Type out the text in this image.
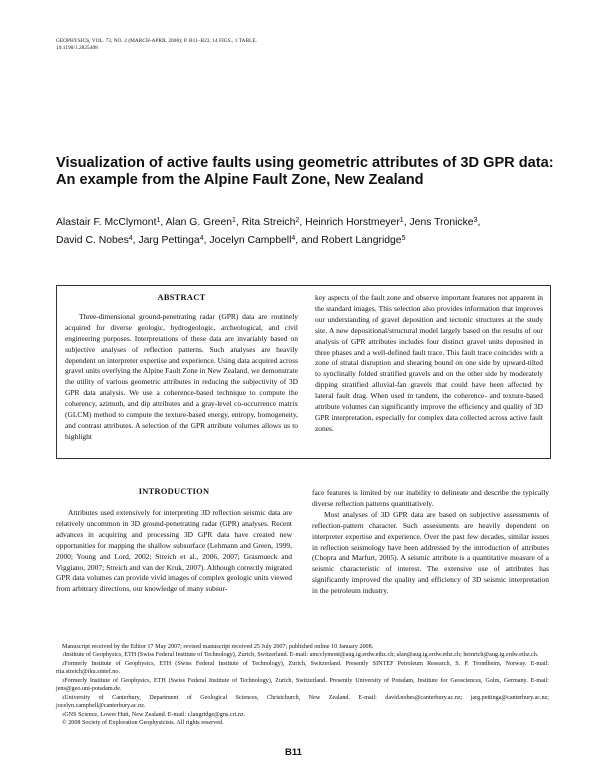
GEOPHYSICS, VOL. 73, NO. 2 (MARCH-APRIL 2008); P. B11–B23, 14 FIGS., 1 TABLE.
10.1190/1.2825408
Visualization of active faults using geometric attributes of 3D GPR data:
An example from the Alpine Fault Zone, New Zealand
Alastair F. McClymont$^1$, Alan G. Green$^1$, Rita Streich$^2$, Heinrich Horstmeyer$^1$, Jens Tronicke$^3$,
David C. Nobes$^4$, Jarg Pettinga$^4$, Jocelyn Campbell$^4$, and Robert Langridge$^5$
ABSTRACT

Three-dimensional ground-penetrating radar (GPR) data are routinely acquired for diverse geologic, hydrogeologic, archeological, and civil engineering purposes. Interpretations of these data are invariably based on subjective analyses of reflection patterns. Such analyses are heavily dependent on interpreter expertise and experience. Using data acquired across gravel units overlying the Alpine Fault Zone in New Zealand, we demonstrate the utility of various geometric attributes in reducing the subjectivity of 3D GPR data analysis. We use a coherence-based technique to compute the coherency, azimuth, and dip attributes and a gray-level co-occurrence matrix (GLCM) method to compute the texture-based energy, entropy, homogeneity, and contrast attributes. A selection of the GPR attribute volumes allows us to highlight

key aspects of the fault zone and observe important features not apparent in the standard images. This selection also provides information that improves our understanding of gravel deposition and tectonic structures at the study site. A new depositional/structural model largely based on the results of our analysis of GPR attributes includes four distinct gravel units deposited in three phases and a well-defined fault trace. This fault trace coincides with a zone of stratal disruption and shearing bound on one side by upward-tilted to synclinally folded stratified gravels and on the other side by moderately dipping stratified alluvial-fan gravels that could have been affected by lateral fault drag. When used in tandem, the coherence- and texture-based attribute volumes can significantly improve the efficiency and quality of 3D GPR interpretation, especially for complex data collected across active fault zones.

INTRODUCTION

Attributes used extensively for interpreting 3D reflection seismic data are relatively uncommon in 3D ground-penetrating radar (GPR) analyses. Recent advances in acquiring and processing 3D GPR data have created new opportunities for mapping the shallow subsurface (Lehmann and Green, 1999, 2000; Young and Lord, 2002; Streich et al., 2006, 2007; Grasmueck and Viggiano, 2007; Streich and van der Kruk, 2007). Although correctly migrated GPR data volumes can provide vivid images of complex geologic units viewed from arbitrary directions, our knowledge of many subsur-

face features is limited by our inability to delineate and describe the typically diverse reflection patterns quantitatively.

Most analyses of 3D GPR data are based on subjective assessments of reflection-pattern character. Such assessments are heavily dependent on interpreter expertise and experience. Over the past few decades, similar issues in reflection seismology have been addressed by the introduction of attributes (Chopra and Marfurt, 2005). A seismic attribute is a quantitative measure of a seismic characteristic of interest. The extensive use of attributes has significantly improved the quality and efficiency of 3D seismic interpretation in the petroleum industry.

Manuscript received by the Editor 17 May 2007; revised manuscript received 25 July 2007; published online 10 January 2008.

$^1$Institute of Geophysics, ETH (Swiss Federal Institute of Technology), Zurich, Switzerland. E-mail: amcclymont@aug.ig.erdw.ethz.ch; alan@aug.ig.erdw.ethz.ch; heinrich@aug.ig.erdw.ethz.ch.

$^2$Formerly Institute of Geophysics, ETH (Swiss Federal Institute of Technology), Zurich, Switzerland. Presently SINTEF Petroleum Research, S. P. Trondheim, Norway. E-mail: rita.streich@iku.sintef.no.

$^3$Formerly Institute of Geophysics, ETH (Swiss Federal Institute of Technology), Zurich, Switzerland. Presently University of Potsdam, Institute for Geosciences, Golm, Germany. E-mail: jens@geo.uni-potsdam.de.

$^4$University of Canterbury, Department of Geological Sciences, Christchurch, New Zealand. E-mail: david.nobes@canterbury.ac.nz; jarg.pettinga@canterbury.ac.nz; jocelyn.campbell@canterbury.ac.nz.

$^5$GNS Science, Lower Hutt, New Zealand. E-mail: r.langridge@gns.cri.nz.

© 2008 Society of Exploration Geophysicists. All rights reserved.

B11
